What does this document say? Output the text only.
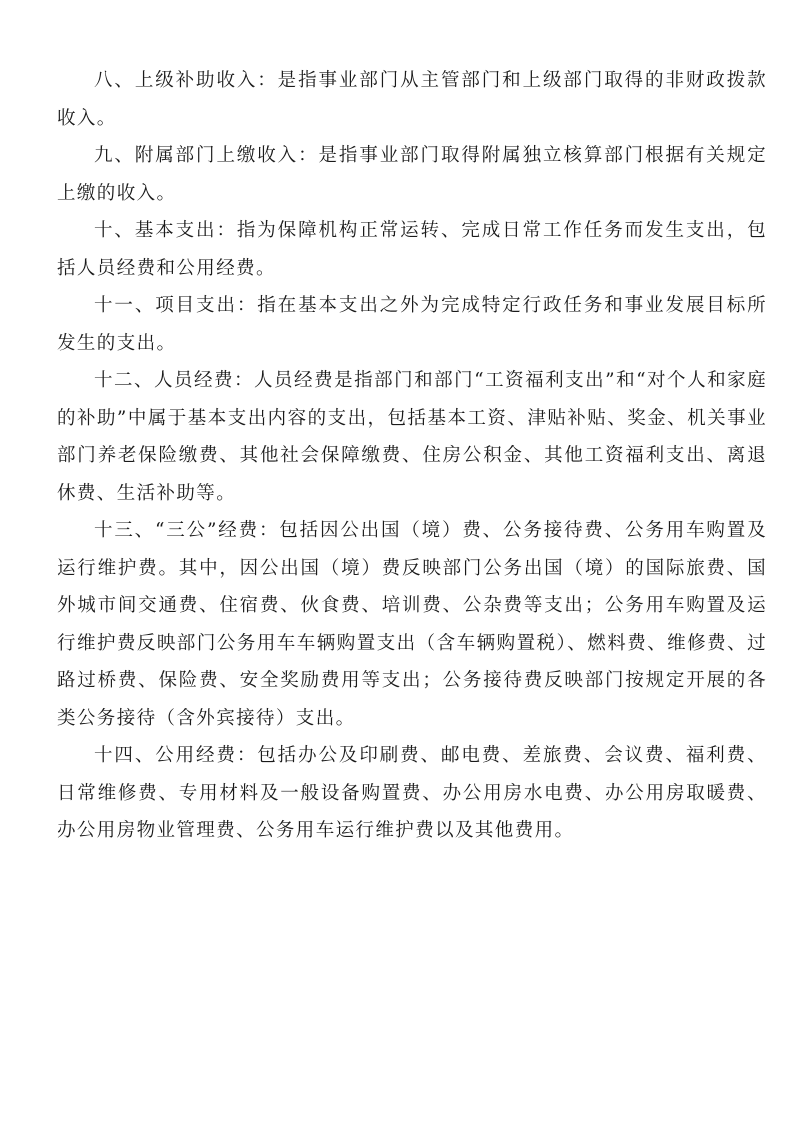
八、上级补助收入：是指事业部门从主管部门和上级部门取得的非财政拨款收入。

九、附属部门上缴收入：是指事业部门取得附属独立核算部门根据有关规定上缴的收入。

十、基本支出：指为保障机构正常运转、完成日常工作任务而发生支出，包括人员经费和公用经费。

十一、项目支出：指在基本支出之外为完成特定行政任务和事业发展目标所发生的支出。

十二、人员经费：人员经费是指部门和部门“工资福利支出”和“对个人和家庭的补助”中属于基本支出内容的支出，包括基本工资、津贴补贴、奖金、机关事业部门养老保险缴费、其他社会保障缴费、住房公积金、其他工资福利支出、离退休费、生活补助等。

十三、“三公”经费：包括因公出国（境）费、公务接待费、公务用车购置及运行维护费。其中，因公出国（境）费反映部门公务出国（境）的国际旅费、国外城市间交通费、住宿费、伙食费、培训费、公杂费等支出；公务用车购置及运行维护费反映部门公务用车车辆购置支出（含车辆购置税）、燃料费、维修费、过路过桥费、保险费、安全奖励费用等支出；公务接待费反映部门按规定开展的各类公务接待（含外宾接待）支出。

十四、公用经费：包括办公及印刷费、邮电费、差旅费、会议费、福利费、日常维修费、专用材料及一般设备购置费、办公用房水电费、办公用房取暖费、办公用房物业管理费、公务用车运行维护费以及其他费用。
